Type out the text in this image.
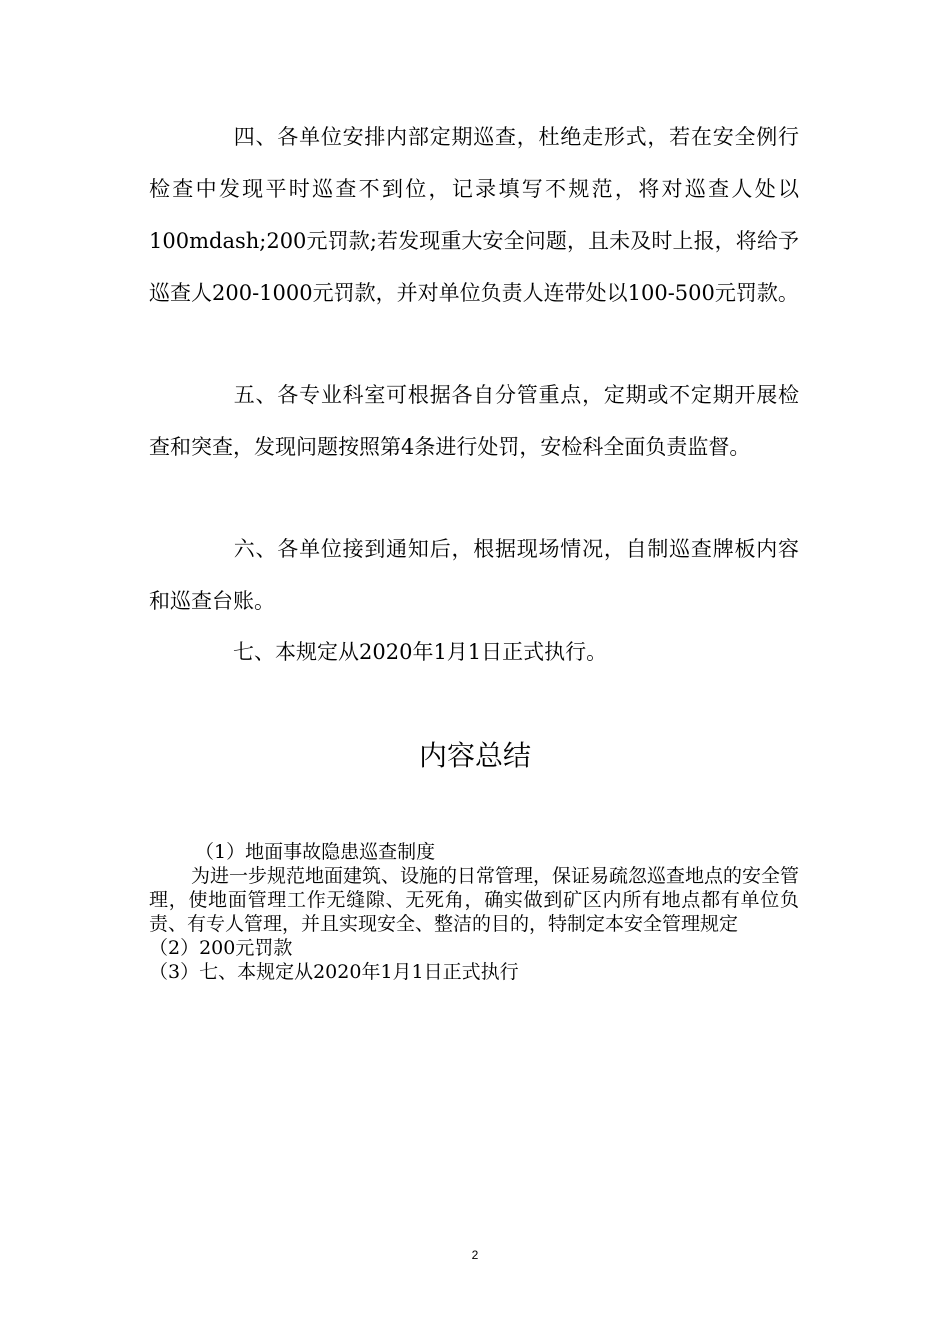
四、各单位安排内部定期巡查，杜绝走形式，若在安全例行检查中发现平时巡查不到位，记录填写不规范，将对巡查人处以100mdash;200元罚款;若发现重大安全问题，且未及时上报，将给予巡查人200-1000元罚款，并对单位负责人连带处以100-500元罚款。

五、各专业科室可根据各自分管重点，定期或不定期开展检查和突查，发现问题按照第4条进行处罚，安检科全面负责监督。

六、各单位接到通知后，根据现场情况，自制巡查牌板内容和巡查台账。

七、本规定从2020年1月1日正式执行。

内容总结
（1）地面事故隐患巡查制度
为进一步规范地面建筑、设施的日常管理，保证易疏忽巡查地点的安全管理，使地面管理工作无缝隙、无死角，确实做到矿区内所有地点都有单位负责、有专人管理，并且实现安全、整洁的目的，特制定本安全管理规定
（2）200元罚款
（3）七、本规定从2020年1月1日正式执行
2
